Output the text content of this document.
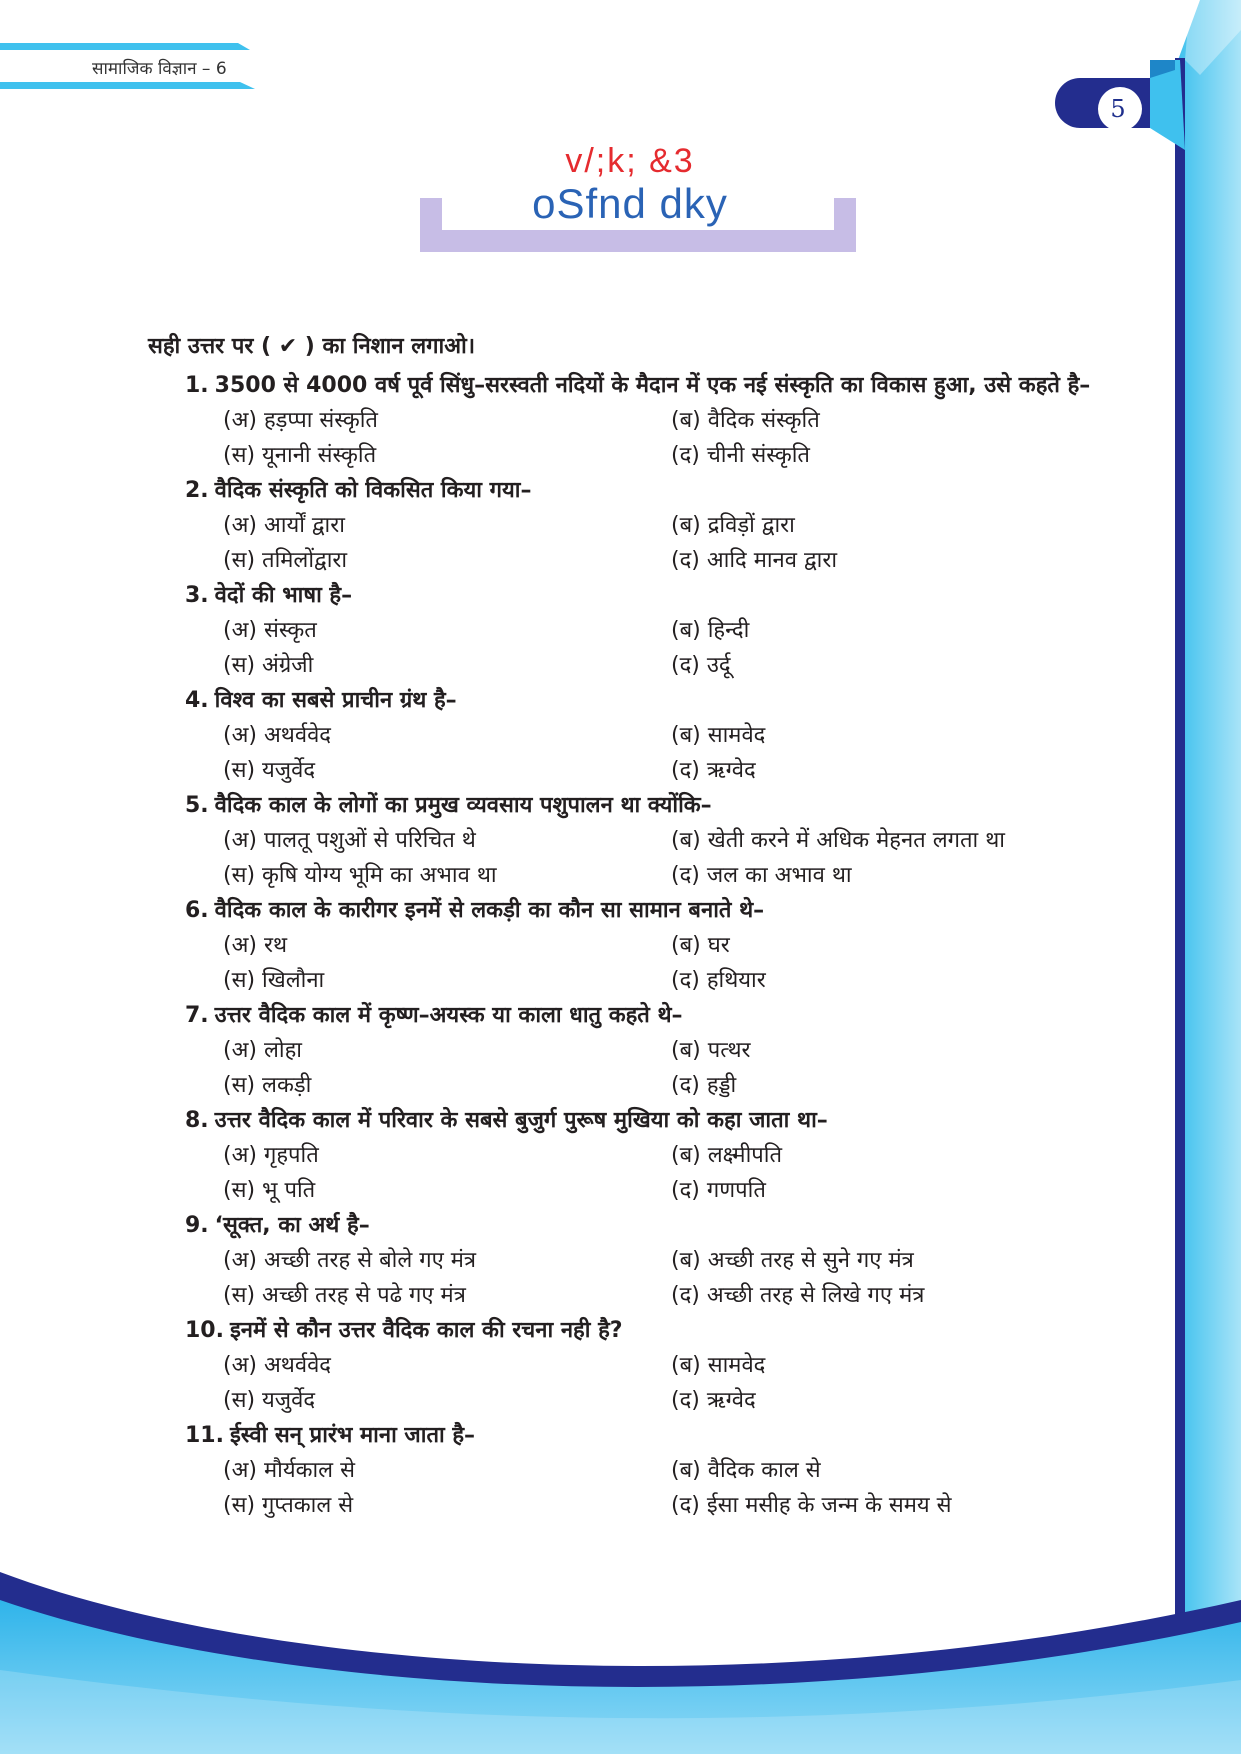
सामाजिक विज्ञान – 6
5
v/;k; &3
oSfnd dky
सही उत्तर पर ( ✔ ) का निशान लगाओ।
1. 3500 से 4000 वर्ष पूर्व सिंधु–सरस्वती नदियों के मैदान में एक नई संस्कृति का विकास हुआ, उसे कहते है–
(अ) हड़प्पा संस्कृति	(ब) वैदिक संस्कृति
(स) यूनानी संस्कृति	(द) चीनी संस्कृति
2. वैदिक संस्कृति को विकसित किया गया–
(अ) आर्यों द्वारा	(ब) द्रविड़ों द्वारा
(स) तमिलोंद्वारा	(द) आदि मानव द्वारा
3. वेदों की भाषा है–
(अ) संस्कृत	(ब) हिन्दी
(स) अंग्रेजी	(द) उर्दू
4. विश्व का सबसे प्राचीन ग्रंथ है–
(अ) अथर्ववेद	(ब) सामवेद
(स) यजुर्वेद	(द) ऋग्वेद
5. वैदिक काल के लोगों का प्रमुख व्यवसाय पशुपालन था क्योंकि–
(अ) पालतू पशुओं से परिचित थे	(ब) खेती करने में अधिक मेहनत लगता था
(स) कृषि योग्य भूमि का अभाव था	(द) जल का अभाव था
6. वैदिक काल के कारीगर इनमें से लकड़ी का कौन सा सामान बनाते थे–
(अ) रथ	(ब) घर
(स) खिलौना	(द) हथियार
7. उत्तर वैदिक काल में कृष्ण–अयस्क या काला धातु कहते थे–
(अ) लोहा	(ब) पत्थर
(स) लकड़ी	(द) हड्डी
8. उत्तर वैदिक काल में परिवार के सबसे बुजुर्ग पुरूष मुखिया को कहा जाता था–
(अ) गृहपति	(ब) लक्ष्मीपति
(स) भू पति	(द) गणपति
9. ‘सूक्त, का अर्थ है–
(अ) अच्छी तरह से बोले गए मंत्र	(ब) अच्छी तरह से सुने गए मंत्र
(स) अच्छी तरह से पढे गए मंत्र	(द) अच्छी तरह से लिखे गए मंत्र
10. इनमें से कौन उत्तर वैदिक काल की रचना नही है?
(अ) अथर्ववेद	(ब) सामवेद
(स) यजुर्वेद	(द) ऋग्वेद
11. ईस्वी सन् प्रारंभ माना जाता है–
(अ) मौर्यकाल से	(ब) वैदिक काल से
(स) गुप्तकाल से	(द) ईसा मसीह के जन्म के समय से
